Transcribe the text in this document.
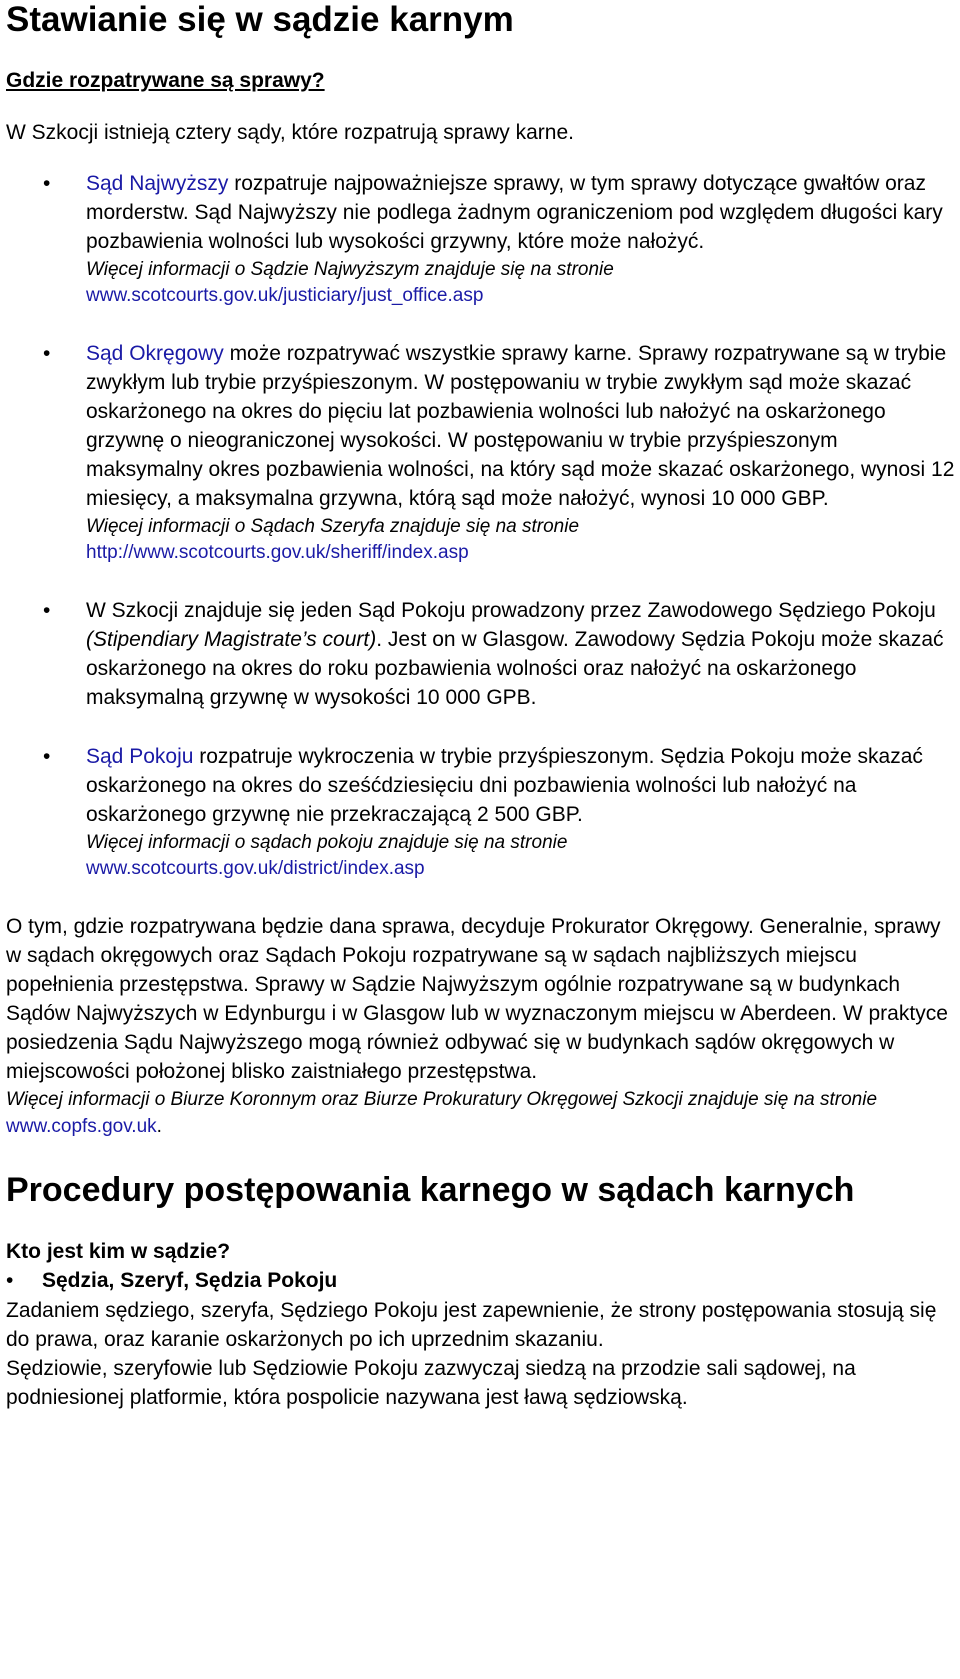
Stawianie się w sądzie karnym
Gdzie rozpatrywane są sprawy?

W Szkocji istnieją cztery sądy, które rozpatrują sprawy karne.

• Sąd Najwyższy rozpatruje najpoważniejsze sprawy, w tym sprawy dotyczące gwałtów oraz morderstw. Sąd Najwyższy nie podlega żadnym ograniczeniom pod względem długości kary pozbawienia wolności lub wysokości grzywny, które może nałożyć.
Więcej informacji o Sądzie Najwyższym znajduje się na stronie
www.scotcourts.gov.uk/justiciary/just_office.asp
• Sąd Okręgowy może rozpatrywać wszystkie sprawy karne. Sprawy rozpatrywane są w trybie zwykłym lub trybie przyśpieszonym. W postępowaniu w trybie zwykłym sąd może skazać oskarżonego na okres do pięciu lat pozbawienia wolności lub nałożyć na oskarżonego grzywnę o nieograniczonej wysokości. W postępowaniu w trybie przyśpieszonym maksymalny okres pozbawienia wolności, na który sąd może skazać oskarżonego, wynosi 12 miesięcy, a maksymalna grzywna, którą sąd może nałożyć, wynosi 10 000 GBP.
Więcej informacji o Sądach Szeryfa znajduje się na stronie
http://www.scotcourts.gov.uk/sheriff/index.asp
• W Szkocji znajduje się jeden Sąd Pokoju prowadzony przez Zawodowego Sędziego Pokoju (Stipendiary Magistrate’s court). Jest on w Glasgow. Zawodowy Sędzia Pokoju może skazać oskarżonego na okres do roku pozbawienia wolności oraz nałożyć na oskarżonego maksymalną grzywnę w wysokości 10 000 GPB.
• Sąd Pokoju rozpatruje wykroczenia w trybie przyśpieszonym. Sędzia Pokoju może skazać oskarżonego na okres do sześćdziesięciu dni pozbawienia wolności lub nałożyć na oskarżonego grzywnę nie przekraczającą 2 500 GBP.
Więcej informacji o sądach pokoju znajduje się na stronie
www.scotcourts.gov.uk/district/index.asp

O tym, gdzie rozpatrywana będzie dana sprawa, decyduje Prokurator Okręgowy. Generalnie, sprawy w sądach okręgowych oraz Sądach Pokoju rozpatrywane są w sądach najbliższych miejscu popełnienia przestępstwa. Sprawy w Sądzie Najwyższym ogólnie rozpatrywane są w budynkach Sądów Najwyższych w Edynburgu i w Glasgow lub w wyznaczonym miejscu w Aberdeen. W praktyce posiedzenia Sądu Najwyższego mogą również odbywać się w budynkach sądów okręgowych w miejscowości położonej blisko zaistniałego przestępstwa.

Więcej informacji o Biurze Koronnym oraz Biurze Prokuratury Okręgowej Szkocji znajduje się na stronie www.copfs.gov.uk.
Procedury postępowania karnego w sądach karnych
Kto jest kim w sądzie?
• Sędzia, Szeryf, Sędzia Pokoju

Zadaniem sędziego, szeryfa, Sędziego Pokoju jest zapewnienie, że strony postępowania stosują się do prawa, oraz karanie oskarżonych po ich uprzednim skazaniu.

Sędziowie, szeryfowie lub Sędziowie Pokoju zazwyczaj siedzą na przodzie sali sądowej, na podniesionej platformie, która pospolicie nazywana jest ławą sędziowską.
